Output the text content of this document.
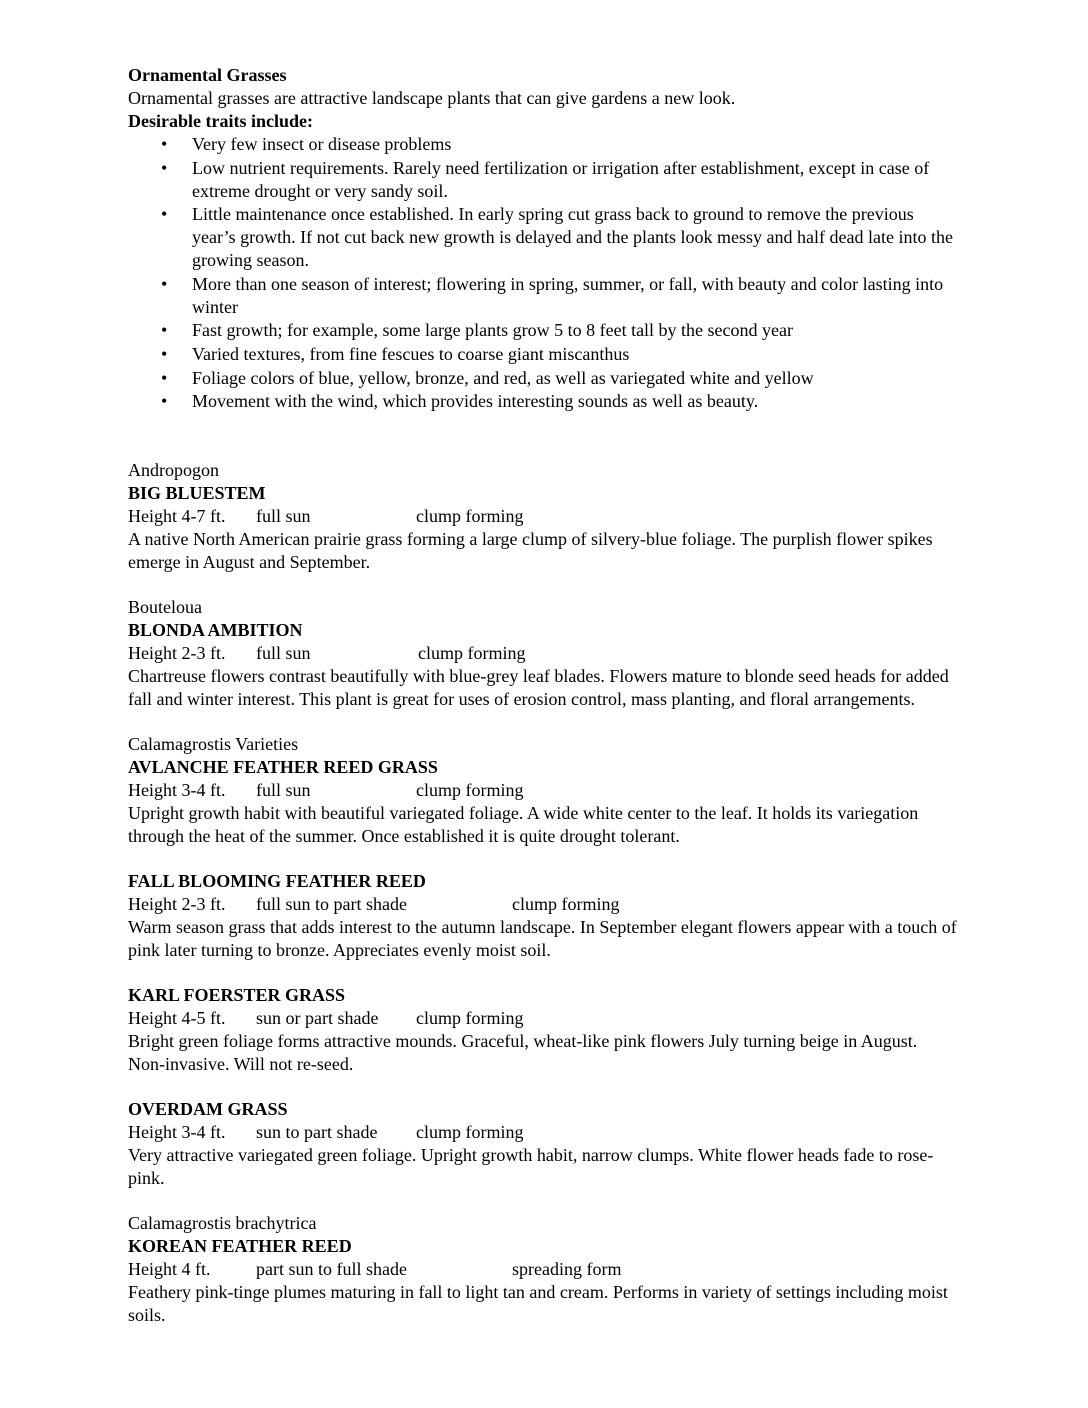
Ornamental Grasses
Ornamental grasses are attractive landscape plants that can give gardens a new look.
Desirable traits include:
• Very few insect or disease problems
• Low nutrient requirements. Rarely need fertilization or irrigation after establishment, except in case of extreme drought or very sandy soil.
• Little maintenance once established. In early spring cut grass back to ground to remove the previous year’s growth. If not cut back new growth is delayed and the plants look messy and half dead late into the growing season.
• More than one season of interest; flowering in spring, summer, or fall, with beauty and color lasting into winter
• Fast growth; for example, some large plants grow 5 to 8 feet tall by the second year
• Varied textures, from fine fescues to coarse giant miscanthus
• Foliage colors of blue, yellow, bronze, and red, as well as variegated white and yellow
• Movement with the wind, which provides interesting sounds as well as beauty.
Andropogon
BIG BLUESTEM
Height 4-7 ft. full sun	clump forming
A native North American prairie grass forming a large clump of silvery-blue foliage. The purplish flower spikes emerge in August and September.
Bouteloua
BLONDA AMBITION
Height 2-3 ft. full sun	clump forming
Chartreuse flowers contrast beautifully with blue-grey leaf blades. Flowers mature to blonde seed heads for added fall and winter interest. This plant is great for uses of erosion control, mass planting, and floral arrangements.
Calamagrostis Varieties
AVLANCHE FEATHER REED GRASS
Height 3-4 ft. full sun	clump forming
Upright growth habit with beautiful variegated foliage. A wide white center to the leaf. It holds its variegation through the heat of the summer. Once established it is quite drought tolerant.
FALL BLOOMING FEATHER REED
Height 2-3 ft. full sun to part shade	clump forming
Warm season grass that adds interest to the autumn landscape. In September elegant flowers appear with a touch of pink later turning to bronze. Appreciates evenly moist soil.
KARL FOERSTER GRASS
Height 4-5 ft. sun or part shade clump forming
Bright green foliage forms attractive mounds. Graceful, wheat-like pink flowers July turning beige in August. Non-invasive. Will not re-seed.
OVERDAM GRASS
Height 3-4 ft. sun to part shade clump forming
Very attractive variegated green foliage. Upright growth habit, narrow clumps. White flower heads fade to rose-pink.
Calamagrostis brachytrica
KOREAN FEATHER REED
Height 4 ft.	part sun to full shade	spreading form
Feathery pink-tinge plumes maturing in fall to light tan and cream. Performs in variety of settings including moist soils.
